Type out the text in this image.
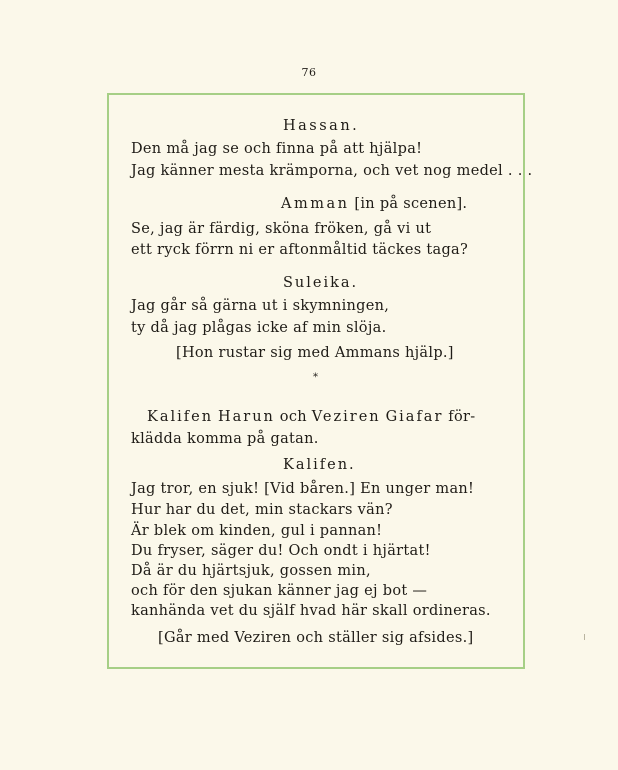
76
Hassan.
Den må jag se och finna på att hjälpa!
Jag känner mesta krämporna, och vet nog medel . . .
Amman [in på scenen].
Se, jag är färdig, sköna fröken, gå vi ut
ett ryck förrn ni er aftonmåltid täckes taga?
Suleika.
Jag går så gärna ut i skymningen,
ty då jag plågas icke af min slöja.
[Hon rustar sig med Ammans hjälp.]
*
Kalifen Harun och Veziren Giafar för-
klädda komma på gatan.
Kalifen.
Jag tror, en sjuk! [Vid båren.] En unger man!
Hur har du det, min stackars vän?
Är blek om kinden, gul i pannan!
Du fryser, säger du! Och ondt i hjärtat!
Då är du hjärtsjuk, gossen min,
och för den sjukan känner jag ej bot —
kanhända vet du själf hvad här skall ordineras.
[Går med Veziren och ställer sig afsides.]
